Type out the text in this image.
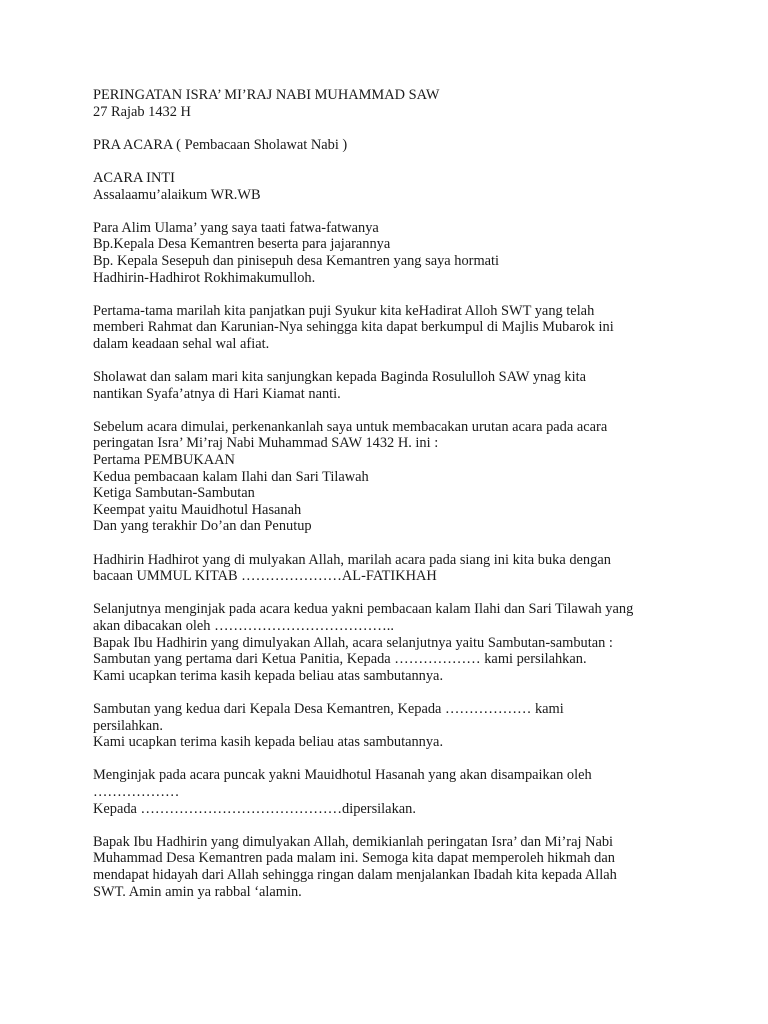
PERINGATAN ISRA’ MI’RAJ NABI MUHAMMAD SAW
27 Rajab 1432 H
PRA ACARA ( Pembacaan Sholawat Nabi )
ACARA INTI
Assalaamu’alaikum WR.WB
Para Alim Ulama’ yang saya taati fatwa-fatwanya
Bp.Kepala Desa Kemantren beserta para jajarannya
Bp. Kepala Sesepuh dan pinisepuh desa Kemantren yang saya hormati
Hadhirin-Hadhirot Rokhimakumulloh.
Pertama-tama marilah kita panjatkan puji Syukur kita keHadirat Alloh SWT yang telah
memberi Rahmat dan Karunian-Nya sehingga kita dapat berkumpul di Majlis Mubarok ini
dalam keadaan sehal wal afiat.
Sholawat dan salam mari kita sanjungkan kepada Baginda Rosululloh SAW ynag kita
nantikan Syafa’atnya di Hari Kiamat nanti.
Sebelum acara dimulai, perkenankanlah saya untuk membacakan urutan acara pada acara
peringatan Isra’ Mi’raj Nabi Muhammad SAW 1432 H. ini :
Pertama PEMBUKAAN
Kedua pembacaan kalam Ilahi dan Sari Tilawah
Ketiga Sambutan-Sambutan
Keempat yaitu Mauidhotul Hasanah
Dan yang terakhir Do’an dan Penutup
Hadhirin Hadhirot yang di mulyakan Allah, marilah acara pada siang ini kita buka dengan
bacaan UMMUL KITAB …………………AL-FATIKHAH
Selanjutnya menginjak pada acara kedua yakni pembacaan kalam Ilahi dan Sari Tilawah yang
akan dibacakan oleh ………………………………..
Bapak Ibu Hadhirin yang dimulyakan Allah, acara selanjutnya yaitu Sambutan-sambutan :
Sambutan yang pertama dari Ketua Panitia, Kepada ……………… kami persilahkan.
Kami ucapkan terima kasih kepada beliau atas sambutannya.
Sambutan yang kedua dari Kepala Desa Kemantren, Kepada ……………… kami
persilahkan.
Kami ucapkan terima kasih kepada beliau atas sambutannya.
Menginjak pada acara puncak yakni Mauidhotul Hasanah yang akan disampaikan oleh
………………
Kepada ……………………………………dipersilakan.
Bapak Ibu Hadhirin yang dimulyakan Allah, demikianlah peringatan Isra’ dan Mi’raj Nabi
Muhammad Desa Kemantren pada malam ini. Semoga kita dapat memperoleh hikmah dan
mendapat hidayah dari Allah sehingga ringan dalam menjalankan Ibadah kita kepada Allah
SWT. Amin amin ya rabbal ‘alamin.
